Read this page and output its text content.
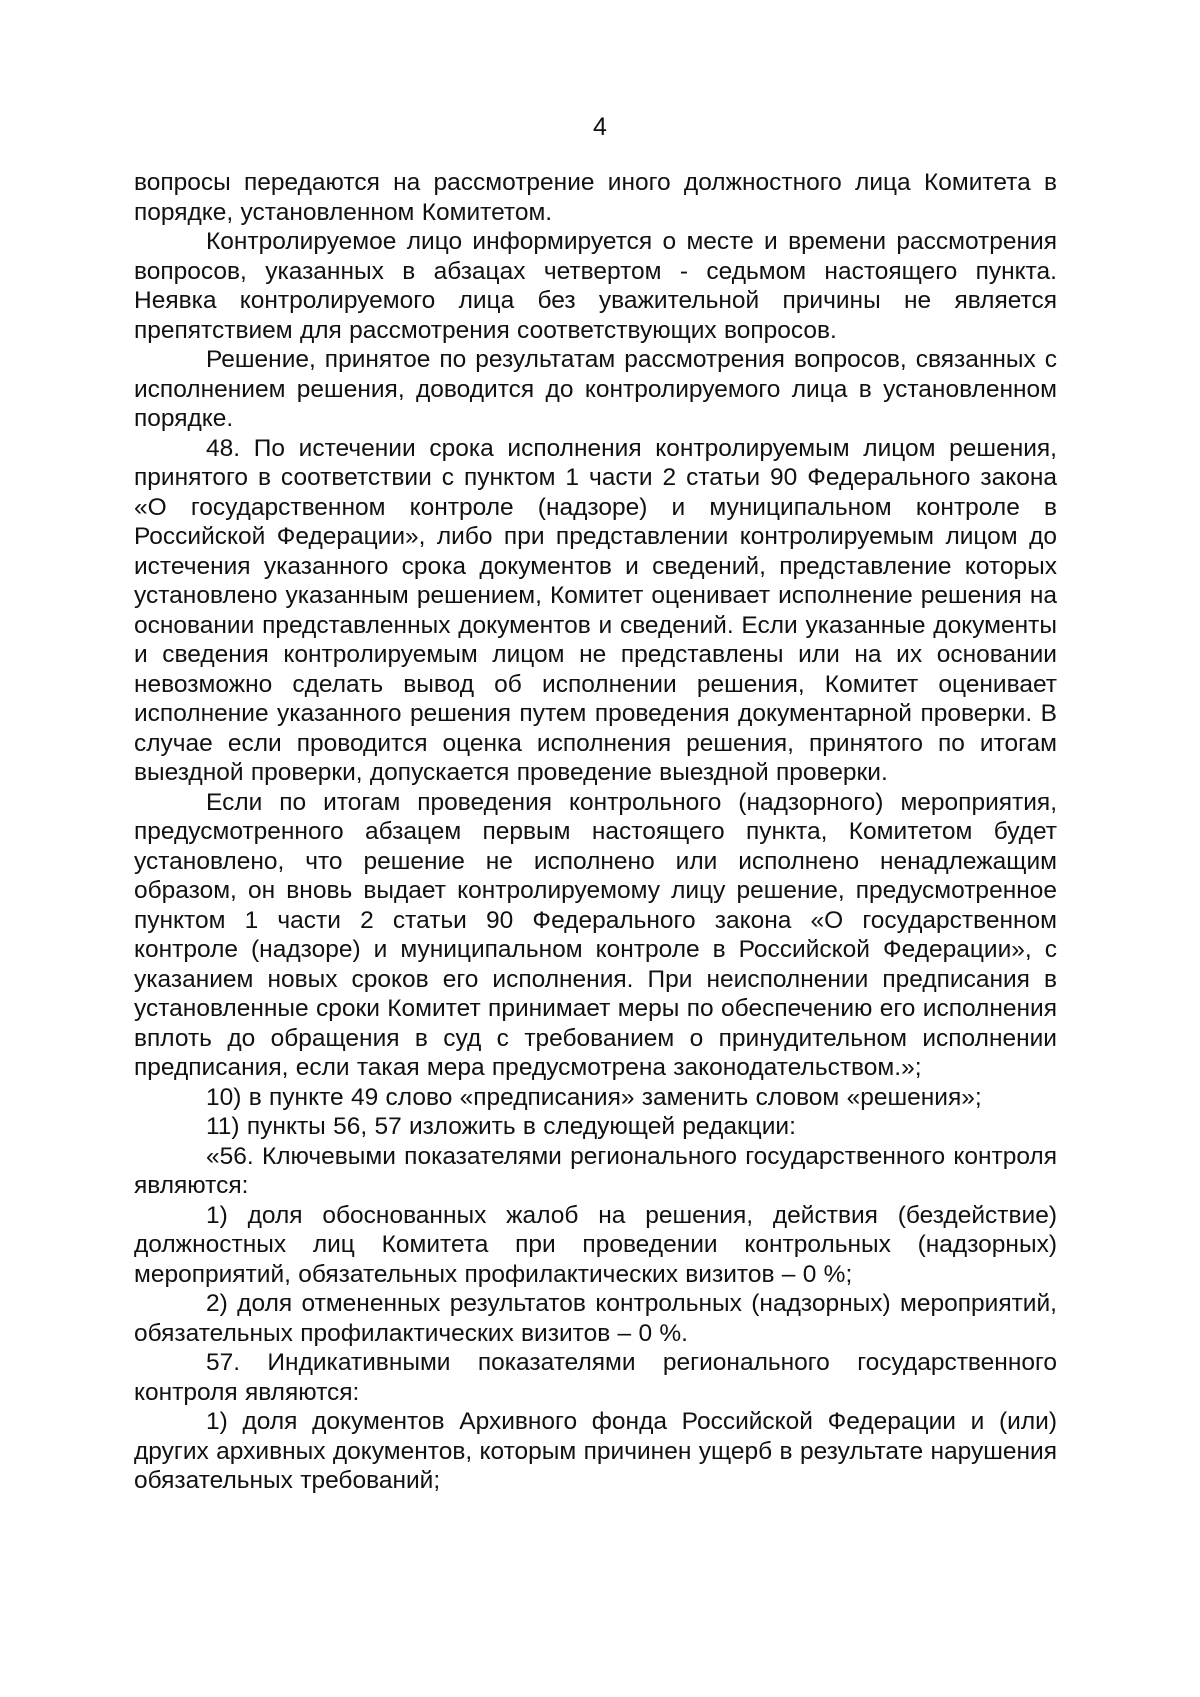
4

вопросы передаются на рассмотрение иного должностного лица Комитета в порядке, установленном Комитетом.

Контролируемое лицо информируется о месте и времени рассмотрения вопросов, указанных в абзацах четвертом - седьмом настоящего пункта. Неявка контролируемого лица без уважительной причины не является препятствием для рассмотрения соответствующих вопросов.

Решение, принятое по результатам рассмотрения вопросов, связанных с исполнением решения, доводится до контролируемого лица в установленном порядке.

48. По истечении срока исполнения контролируемым лицом решения, принятого в соответствии с пунктом 1 части 2 статьи 90 Федерального закона «О государственном контроле (надзоре) и муниципальном контроле в Российской Федерации», либо при представлении контролируемым лицом до истечения указанного срока документов и сведений, представление которых установлено указанным решением, Комитет оценивает исполнение решения на основании представленных документов и сведений. Если указанные документы и сведения контролируемым лицом не представлены или на их основании невозможно сделать вывод об исполнении решения, Комитет оценивает исполнение указанного решения путем проведения документарной проверки. В случае если проводится оценка исполнения решения, принятого по итогам выездной проверки, допускается проведение выездной проверки.

Если по итогам проведения контрольного (надзорного) мероприятия, предусмотренного абзацем первым настоящего пункта, Комитетом будет установлено, что решение не исполнено или исполнено ненадлежащим образом, он вновь выдает контролируемому лицу решение, предусмотренное пунктом 1 части 2 статьи 90 Федерального закона «О государственном контроле (надзоре) и муниципальном контроле в Российской Федерации», с указанием новых сроков его исполнения. При неисполнении предписания в установленные сроки Комитет принимает меры по обеспечению его исполнения вплоть до обращения в суд с требованием о принудительном исполнении предписания, если такая мера предусмотрена законодательством.»;

10) в пункте 49 слово «предписания» заменить словом «решения»;

11) пункты 56, 57 изложить в следующей редакции:

«56. Ключевыми показателями регионального государственного контроля являются:

1) доля обоснованных жалоб на решения, действия (бездействие) должностных лиц Комитета при проведении контрольных (надзорных) мероприятий, обязательных профилактических визитов – 0 %;

2) доля отмененных результатов контрольных (надзорных) мероприятий, обязательных профилактических визитов – 0 %.

57. Индикативными показателями регионального государственного контроля являются:

1) доля документов Архивного фонда Российской Федерации и (или) других архивных документов, которым причинен ущерб в результате нарушения обязательных требований;
